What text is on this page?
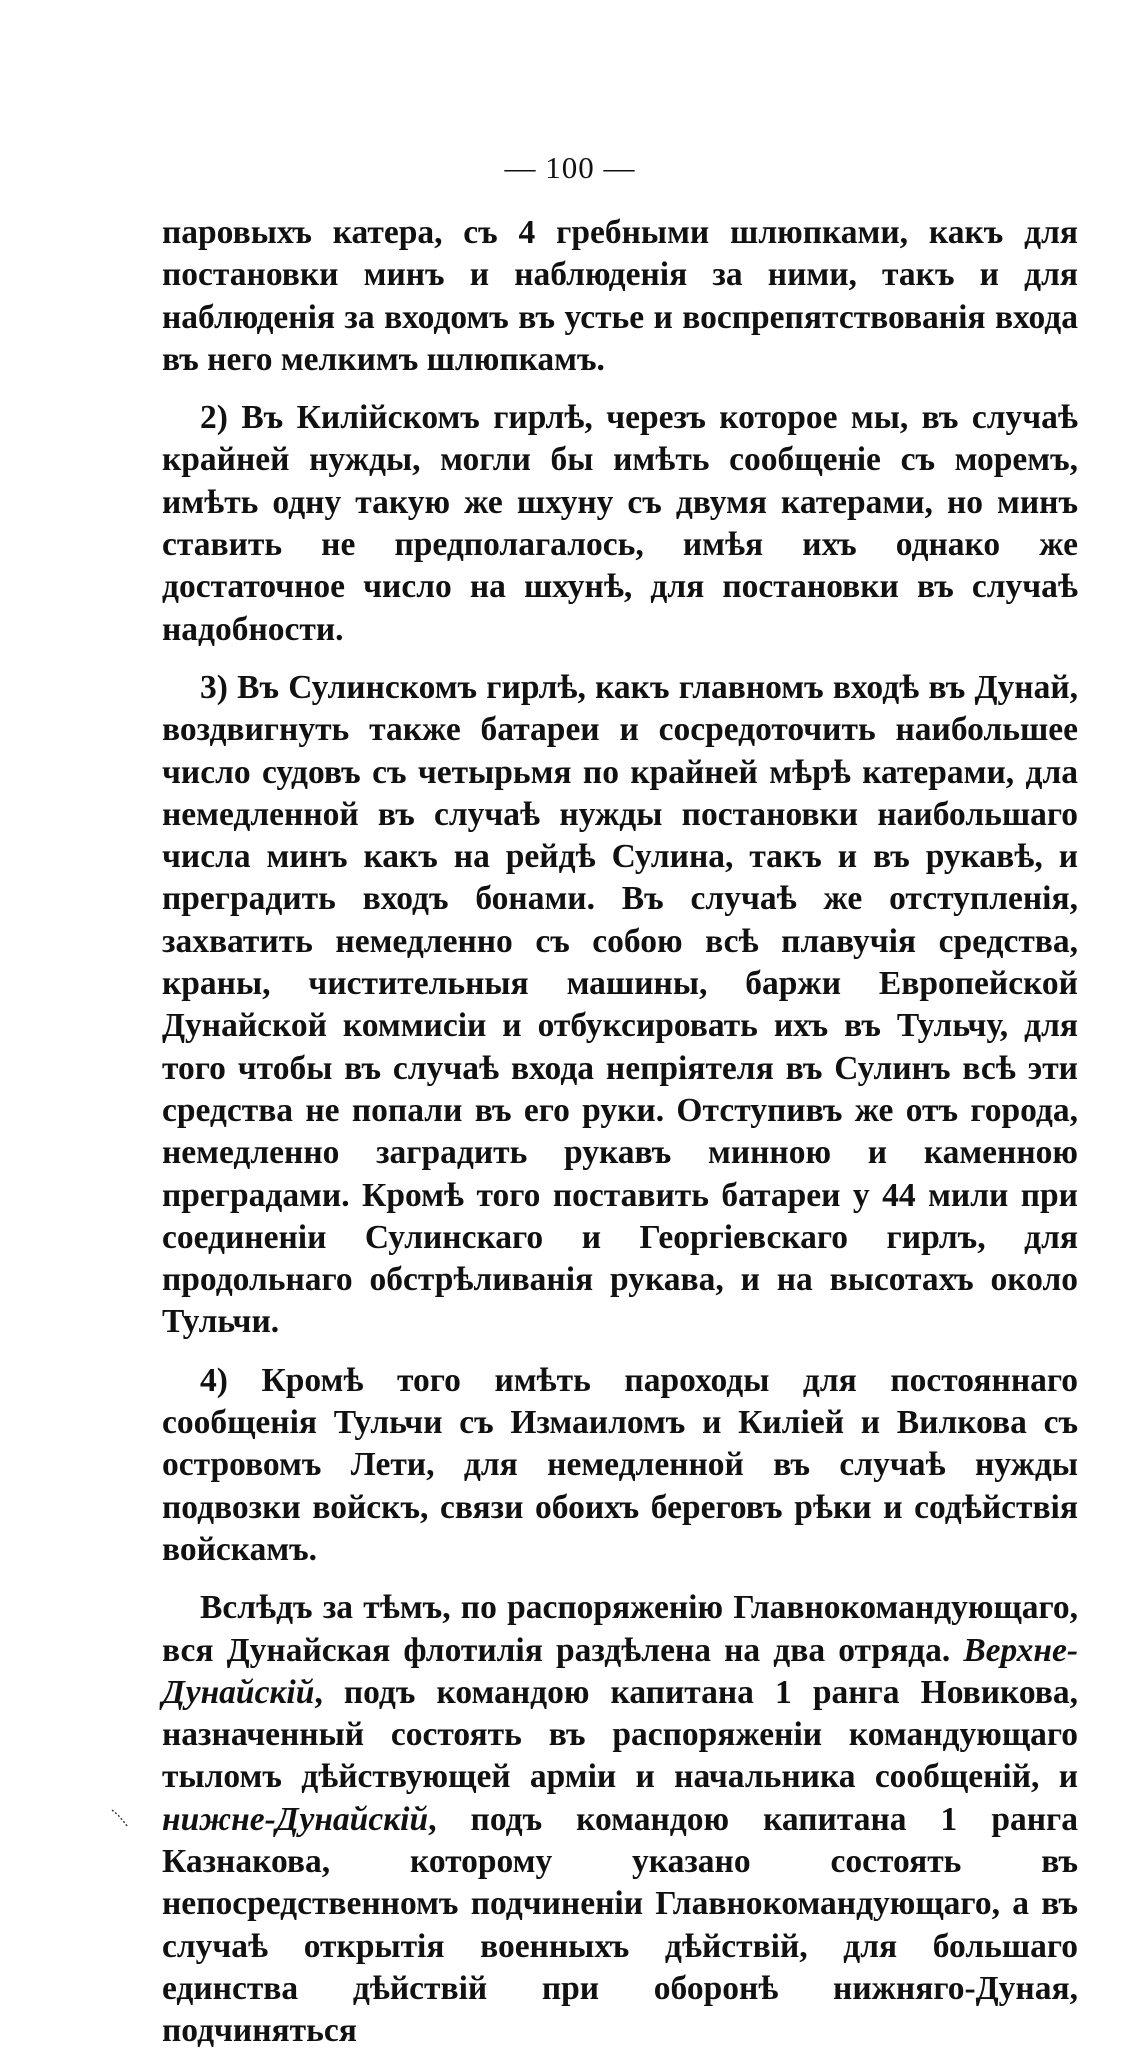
— 100 —

паровыхъ катера, съ 4 гребными шлюпками, какъ для постановки минъ и наблюденія за ними, такъ и для наблюденія за входомъ въ устье и воспрепятствованія входа въ него мелкимъ шлюпкамъ.

2) Въ Килійскомъ гирлѣ, черезъ которое мы, въ случаѣ крайней нужды, могли бы имѣть сообщеніе съ моремъ, имѣть одну такую же шхуну съ двумя катерами, но минъ ставить не предполагалось, имѣя ихъ однако же достаточное число на шхунѣ, для постановки въ случаѣ надобности.

3) Въ Сулинскомъ гирлѣ, какъ главномъ входѣ въ Дунай, воздвигнуть также батареи и сосредоточить наибольшее число судовъ съ четырьмя по крайней мѣрѣ катерами, дла немедленной въ случаѣ нужды постановки наибольшаго числа минъ какъ на рейдѣ Сулина, такъ и въ рукавѣ, и преградить входъ бонами. Въ случаѣ же отступленія, захватить немедленно съ собою всѣ плавучія средства, краны, чистительныя машины, баржи Европейской Дунайской коммисіи и отбуксировать ихъ въ Тульчу, для того чтобы въ случаѣ входа непріятеля въ Сулинъ всѣ эти средства не попали въ его руки. Отступивъ же отъ города, немедленно заградить рукавъ минною и каменною преградами. Кромѣ того поставить батареи у 44 мили при соединеніи Сулинскаго и Георгіевскаго гирлъ, для продольнаго обстрѣливанія рукава, и на высотахъ около Тульчи.

4) Кромѣ того имѣть пароходы для постояннаго сообщенія Тульчи съ Измаиломъ и Киліей и Вилкова съ островомъ Лети, для немедленной въ случаѣ нужды подвозки войскъ, связи обоихъ береговъ рѣки и содѣйствія войскамъ.

Вслѣдъ за тѣмъ, по распоряженію Главнокомандующаго, вся Дунайская флотилія раздѣлена на два отряда. Верхне-Дунайскій, подъ командою капитана 1 ранга Новикова, назначенный состоять въ распоряженіи командующаго тыломъ дѣйствующей арміи и начальника сообщеній, и нижне-Дунайскій, подъ командою капитана 1 ранга Казнакова, которому указано состоять въ непосредственномъ подчиненіи Главнокомандующаго, а въ случаѣ открытія военныхъ дѣйствій, для большаго единства дѣйствій при оборонѣ нижняго-Дуная, подчиняться
